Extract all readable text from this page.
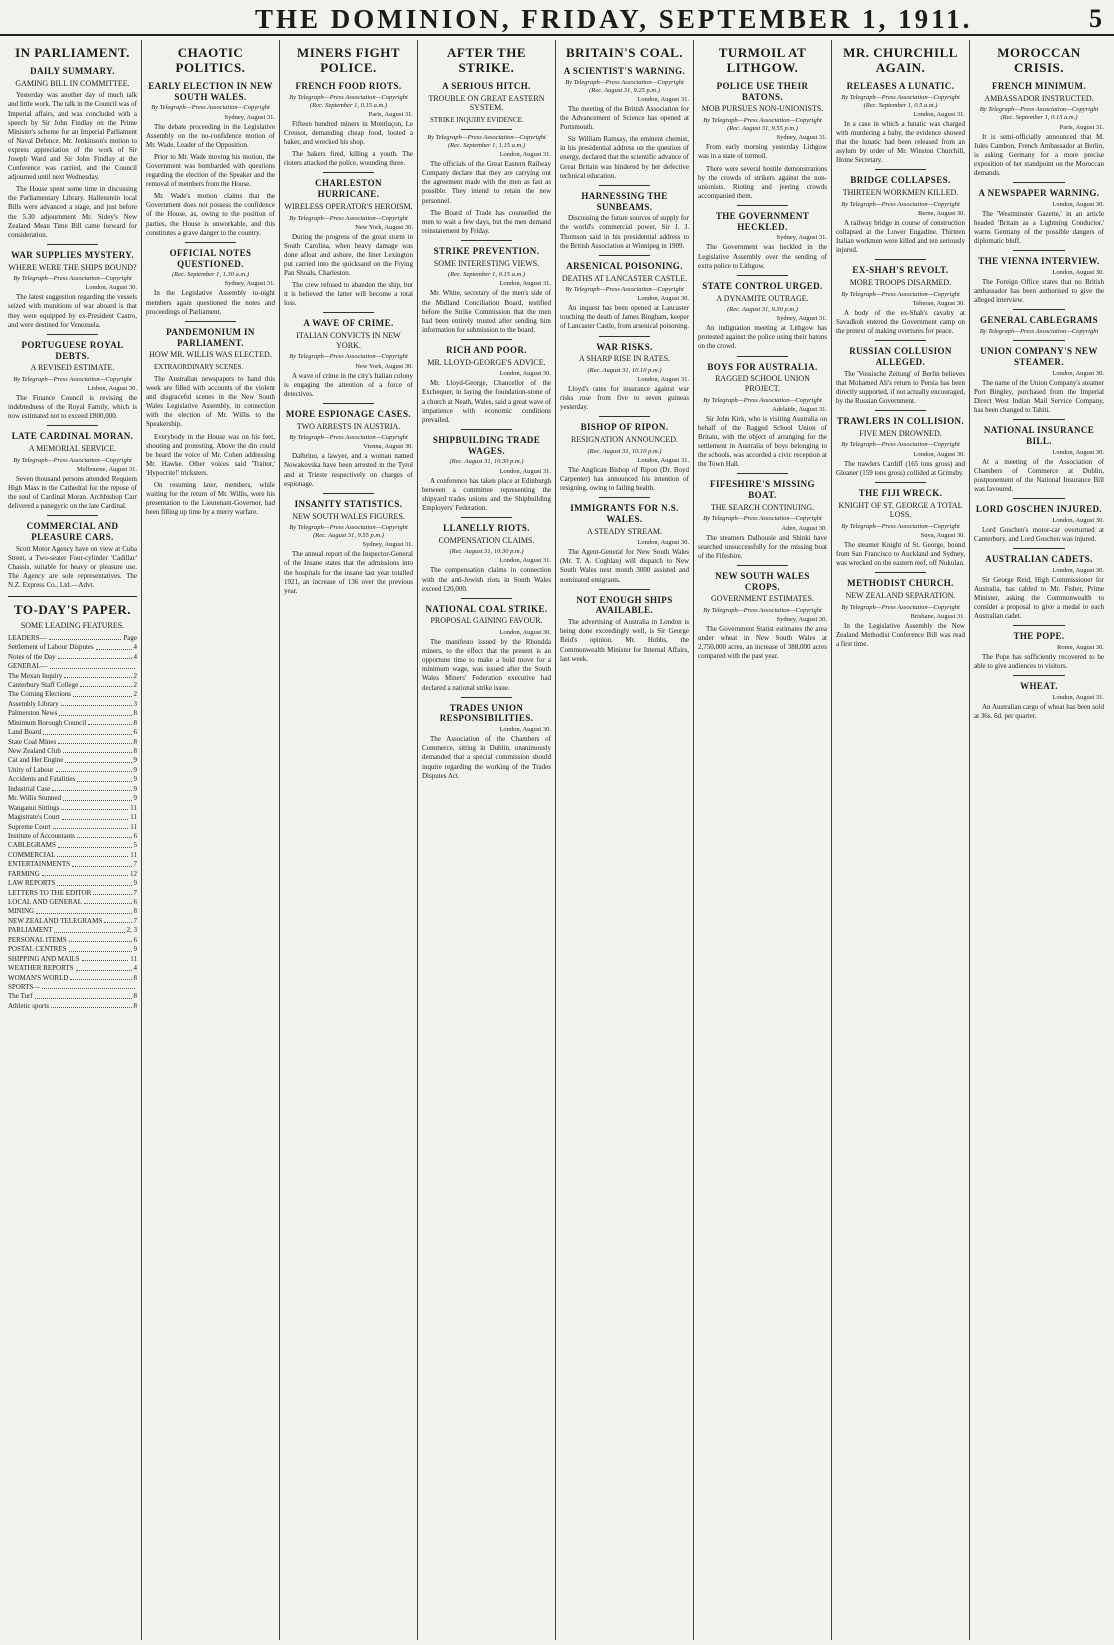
THE DOMINION, FRIDAY, SEPTEMBER 1, 1911.	5
IN PARLIAMENT.
DAILY SUMMARY.
GAMING BILL IN COMMITTEE.

Yesterday was another day of much talk and little work. The talk in the Council was of Imperial affairs, and was concluded with a speech by Sir John Findlay on the Prime Minister's scheme for an Imperial Parliament of Naval Defence. Mr. Jenkinson's motion to express appreciation of the work of Sir Joseph Ward and Sir John Findlay at the Conference was carried, and the Council adjourned until next Wednesday.

The House spent some time in discussing the Parliamentary Library. Hallenstein local Bills were advanced a stage, and just before the 5.30 adjournment Mr. Sidey's New Zealand Mean Time Bill came forward for consideration.

WAR SUPPLIES MYSTERY.
WHERE WERE THE SHIPS BOUND?
By Telegraph—Press Association—Copyright
London, August 30.

The latest suggestion regarding the vessels seized with munitions of war aboard is that they were equipped by ex-President Castro, and were destined for Venezuela.

PORTUGUESE ROYAL DEBTS.
A REVISED ESTIMATE.
By Telegraph—Press Association—Copyright
Lisbon, August 30.

The Finance Council is revising the indebtedness of the Royal Family, which is now estimated not to exceed £800,000.

LATE CARDINAL MORAN.
A MEMORIAL SERVICE.
By Telegraph—Press Association—Copyright
Melbourne, August 31.

Seven thousand persons attended Requiem High Mass in the Cathedral for the repose of the soul of Cardinal Moran. Archbishop Carr delivered a panegyric on the late Cardinal.

COMMERCIAL AND PLEASURE CARS.

Scott Motor Agency have on view at Cuba Street, a Two-seater Four-cylinder 'Cadillac' Chassis, suitable for heavy or pleasure use. The Agency are sole representatives. The N.Z. Express Co., Ltd.—Advt.

TO-DAY'S PAPER.
SOME LEADING FEATURES.
LEADERS—	Page
Settlement of Labour Disputes	4
Notes of the Day	4
GENERAL—
The Mexan Inquiry	2
Canterbury Staff College	2
The Coming Elections	2
Assembly Library	3
Palmerston News	8
Minimum Borough Council	8
Land Board	6
State Coal Mines	8
New Zealand Club	8
Cat and Her Engine	9
Unity of Labour	9
Accidents and Fatalities	9
Industrial Case	9
Mr. Willis Stunned	9
Wanganui Sittings	11
Magistrate's Court	11
Supreme Court	11
Institute of Accountants	6
CABLEGRAMS	5
COMMERCIAL	11
ENTERTAINMENTS	7
FARMING	12
LAW REPORTS	9
LETTERS TO THE EDITOR	7
LOCAL AND GENERAL	6
MINING	8
NEW ZEALAND TELEGRAMS	7
PARLIAMENT	2, 3
PERSONAL ITEMS	6
POSTAL CENTRES	9
SHIPPING AND MAILS	11
WEATHER REPORTS	4
WOMAN'S WORLD	8
SPORTS—
The Turf	8
Athletic sports	8
CHAOTIC POLITICS.
EARLY ELECTION IN NEW SOUTH WALES.
By Telegraph—Press Association—Copyright
Sydney, August 31.

The debate proceeding in the Legislative Assembly on the no-confidence motion of Mr. Wade, Leader of the Opposition.

Prior to Mr. Wade moving his motion, the Government was bombarded with questions regarding the election of the Speaker and the removal of members from the House.

Mr. Wade's motion claims that the Government does not possess the confidence of the House, as, owing to the position of parties, the House is unworkable, and this constitutes a grave danger to the country.

OFFICIAL NOTES QUESTIONED.
(Rec. September 1, 1.30 a.m.)
Sydney, August 31.

In the Legislative Assembly to-night members again questioned the notes and proceedings of Parliament.

PANDEMONIUM IN PARLIAMENT.
HOW MR. WILLIS WAS ELECTED.

EXTRAORDINARY SCENES.

The Australian newspapers to hand this week are filled with accounts of the violent and disgraceful scenes in the New South Wales Legislative Assembly, in connection with the election of Mr. Willis to the Speakership.

Everybody in the House was on his feet, shouting and protesting. Above the din could be heard the voice of Mr. Cohen addressing Mr. Hawke. Other voices said 'Traitor,' 'Hypocrite!' tricksters.

On resuming later, members, while waiting for the return of Mr. Willis, were his presentation to the Lieutenant-Governor, had been filling up time by a merry warfare.

MINERS FIGHT POLICE.
FRENCH FOOD RIOTS.
By Telegraph—Press Association—Copyright (Rec. September 1, 0.15 a.m.)
Paris, August 31.

Fifteen hundred miners in Montluçon, Le Creusot, demanding cheap food, looted a baker, and wrecked his shop.

The bakers fired, killing a youth. The rioters attacked the police, wounding three.

CHARLESTON HURRICANE.
WIRELESS OPERATOR'S HEROISM.
By Telegraph—Press Association—Copyright
New York, August 30.

During the progress of the great storm in South Carolina, when heavy damage was done afloat and ashore, the liner Lexington put carried into the quicksand on the Frying Pan Shoals, Charleston.

The crew refused to abandon the ship, but it is believed the latter will become a total loss.

A WAVE OF CRIME.
ITALIAN CONVICTS IN NEW YORK.
By Telegraph—Press Association—Copyright
New York, August 30.

A wave of crime in the city's Italian colony is engaging the attention of a force of detectives.

MORE ESPIONAGE CASES.
TWO ARRESTS IN AUSTRIA.
By Telegraph—Press Association—Copyright
Vienna, August 30.

Dalbrino, a lawyer, and a woman named Nowakovska have been arrested in the Tyrol and at Trieste respectively on charges of espionage.

INSANITY STATISTICS.
NEW SOUTH WALES FIGURES.
By Telegraph—Press Association—Copyright (Rec. August 31, 9.55 p.m.)
Sydney, August 31.

The annual report of the Inspector-General of the Insane states that the admissions into the hospitals for the insane last year totalled 1921, an increase of 136 over the previous year.

AFTER THE STRIKE.
A SERIOUS HITCH.
TROUBLE ON GREAT EASTERN SYSTEM.

STRIKE INQUIRY EVIDENCE.

By Telegraph—Press Association—Copyright (Rec. September 1, 1.15 a.m.)
London, August 31.

The officials of the Great Eastern Railway Company declare that they are carrying out the agreement made with the men as fast as possible. They intend to retain the new personnel.

The Board of Trade has counselled the men to wait a few days, but the men demand reinstatement by Friday.

STRIKE PREVENTION.
SOME INTERESTING VIEWS.
(Rec. September 1, 0.15 a.m.)
London, August 31.

Mr. White, secretary of the men's side of the Midland Conciliation Board, testified before the Strike Commission that the men had been entirely trusted after sending him information for submission to the board.

RICH AND POOR.
MR. LLOYD-GEORGE'S ADVICE.
London, August 30.

Mr. Lloyd-George, Chancellor of the Exchequer, in laying the foundation-stone of a church at Neath, Wales, said a great wave of impatience with economic conditions prevailed.

SHIPBUILDING TRADE WAGES.
(Rec. August 31, 10.30 p.m.)
London, August 31.

A conference has taken place at Edinburgh between a committee representing the shipyard trades unions and the Shipbuilding Employers' Federation.

LLANELLY RIOTS.
COMPENSATION CLAIMS.
(Rec. August 31, 10.30 p.m.)
London, August 31.

The compensation claims in connection with the anti-Jewish riots in South Wales exceed £20,000.

NATIONAL COAL STRIKE.
PROPOSAL GAINING FAVOUR.
London, August 30.

The manifesto issued by the Rhondda miners, to the effect that the present is an opportune time to make a bold move for a minimum wage, was issued after the South Wales Miners' Federation executive had declared a national strike issue.

TRADES UNION RESPONSIBILITIES.
London, August 30.

The Association of the Chambers of Commerce, sitting in Dublin, unanimously demanded that a special commission should inquire regarding the working of the Trades Disputes Act.

BRITAIN'S COAL.
A SCIENTIST'S WARNING.
By Telegraph—Press Association—Copyright (Rec. August 31, 9.25 p.m.)
London, August 31.

The meeting of the British Association for the Advancement of Science has opened at Portsmouth.

Sir William Ramsay, the eminent chemist, in his presidential address on the question of energy, declared that the scientific advance of Great Britain was hindered by her defective technical education.

HARNESSING THE SUNBEAMS.

Discussing the future sources of supply for the world's commercial power, Sir J. J. Thomson said in his presidential address to the British Association at Winnipeg in 1909.

ARSENICAL POISONING.
DEATHS AT LANCASTER CASTLE.
By Telegraph—Press Association—Copyright
London, August 30.

An inquest has been opened at Lancaster touching the death of James Bingham, keeper of Lancaster Castle, from arsenical poisoning.

WAR RISKS.
A SHARP RISE IN RATES.
(Rec. August 31, 10.10 p.m.)
London, August 31.

Lloyd's rates for insurance against war risks rose from five to seven guineas yesterday.

BISHOP OF RIPON.
RESIGNATION ANNOUNCED.
(Rec. August 31, 10.10 p.m.)
London, August 31.

The Anglican Bishop of Ripon (Dr. Boyd Carpenter) has announced his intention of resigning, owing to failing health.

IMMIGRANTS FOR N.S. WALES.
A STEADY STREAM.
London, August 30.

The Agent-General for New South Wales (Mr. T. A. Coghlan) will dispatch to New South Wales next month 3000 assisted and nominated emigrants.

NOT ENOUGH SHIPS AVAILABLE.

The advertising of Australia in London is being done exceedingly well, is Sir George Reid's opinion. Mr. Hobbs, the Commonwealth Minister for Internal Affairs, last week.

TURMOIL AT LITHGOW.
POLICE USE THEIR BATONS.
MOB PURSUES NON-UNIONISTS.
By Telegraph—Press Association—Copyright (Rec. August 31, 9.55 p.m.)
Sydney, August 31.

From early morning yesterday Lithgow was in a state of turmoil.

There were several hostile demonstrations by the crowds of strikers against the non-unionists. Rioting and jeering crowds accompanied them.

THE GOVERNMENT HECKLED.
Sydney, August 31.

The Government was heckled in the Legislative Assembly over the sending of extra police to Lithgow.

STATE CONTROL URGED.
A DYNAMITE OUTRAGE.
(Rec. August 31, 9.30 p.m.)
Sydney, August 31.

An indignation meeting at Lithgow has protested against the police using their batons on the crowd.

BOYS FOR AUSTRALIA.
RAGGED SCHOOL UNION PROJECT.
By Telegraph—Press Association—Copyright
Adelaide, August 31.

Sir John Kirk, who is visiting Australia on behalf of the Ragged School Union of Britain, with the object of arranging for the settlement in Australia of boys belonging to the schools, was accorded a civic reception at the Town Hall.

FIFESHIRE'S MISSING BOAT.
THE SEARCH CONTINUING.
By Telegraph—Press Association—Copyright
Aden, August 30.

The steamers Dalhousie and Shinki have searched unsuccessfully for the missing boat of the Fifeshire.

NEW SOUTH WALES CROPS.
GOVERNMENT ESTIMATES.
By Telegraph—Press Association—Copyright
Sydney, August 30.

The Government Statist estimates the area under wheat in New South Wales at 2,750,000 acres, an increase of 388,000 acres compared with the past year.

MR. CHURCHILL AGAIN.
RELEASES A LUNATIC.
By Telegraph—Press Association—Copyright (Rec. September 1, 0.5 a.m.)
London, August 31.

In a case in which a lunatic was charged with murdering a baby, the evidence showed that the lunatic had been released from an asylum by order of Mr. Winston Churchill, Home Secretary.

BRIDGE COLLAPSES.
THIRTEEN WORKMEN KILLED.
By Telegraph—Press Association—Copyright
Berne, August 30.

A railway bridge in course of construction collapsed at the Lower Engadine. Thirteen Italian workmen were killed and ten seriously injured.

EX-SHAH'S REVOLT.
MORE TROOPS DISARMED.
By Telegraph—Press Association—Copyright
Teheran, August 30.

A body of the ex-Shah's cavalry at Savadkoh entered the Government camp on the pretext of making overtures for peace.

RUSSIAN COLLUSION ALLEGED.

The 'Vossische Zeitung' of Berlin believes that Mohamed Ali's return to Persia has been directly supported, if not actually encouraged, by the Russian Government.

TRAWLERS IN COLLISION.
FIVE MEN DROWNED.
By Telegraph—Press Association—Copyright
London, August 30.

The trawlers Cardiff (165 tons gross) and Gleaner (159 tons gross) collided at Grimsby.

THE FIJI WRECK.
KNIGHT OF ST. GEORGE A TOTAL LOSS.
By Telegraph—Press Association—Copyright
Suva, August 30.

The steamer Knight of St. George, bound from San Francisco to Auckland and Sydney, was wrecked on the eastern reef, off Nukulau.

METHODIST CHURCH.
NEW ZEALAND SEPARATION.
By Telegraph—Press Association—Copyright
Brisbane, August 31.

In the Legislative Assembly the New Zealand Methodist Conference Bill was read a first time.

MOROCCAN CRISIS.
FRENCH MINIMUM.
AMBASSADOR INSTRUCTED.
By Telegraph—Press Association—Copyright (Rec. September 1, 0.15 a.m.)
Paris, August 31.

It is semi-officially announced that M. Jules Cambon, French Ambassador at Berlin, is asking Germany for a more precise exposition of her standpoint on the Moroccan demands.

A NEWSPAPER WARNING.
London, August 30.

The 'Westminster Gazette,' in an article headed 'Britain as a Lightning Conductor,' warns Germany of the possible dangers of diplomatic bluff.

THE VIENNA INTERVIEW.
London, August 30.

The Foreign Office states that no British ambassador has been authorised to give the alleged interview.

GENERAL CABLEGRAMS
By Telegraph—Press Association—Copyright
UNION COMPANY'S NEW STEAMER.
London, August 30.

The name of the Union Company's steamer Port Bingley, purchased from the Imperial Direct West Indian Mail Service Company, has been changed to Tahiti.

NATIONAL INSURANCE BILL.
London, August 30.

At a meeting of the Association of Chambers of Commerce at Dublin, postponement of the National Insurance Bill was favoured.

LORD GOSCHEN INJURED.
London, August 30.

Lord Goschen's motor-car overturned at Canterbury, and Lord Goschen was injured.

AUSTRALIAN CADETS.
London, August 30.

Sir George Reid, High Commissioner for Australia, has cabled to Mr. Fisher, Prime Minister, asking the Commonwealth to consider a proposal to give a medal to each Australian cadet.

THE POPE.
Rome, August 30.

The Pope has sufficiently recovered to be able to give audiences to visitors.

WHEAT.
London, August 31.

An Australian cargo of wheat has been sold at 36s. 6d. per quarter.
